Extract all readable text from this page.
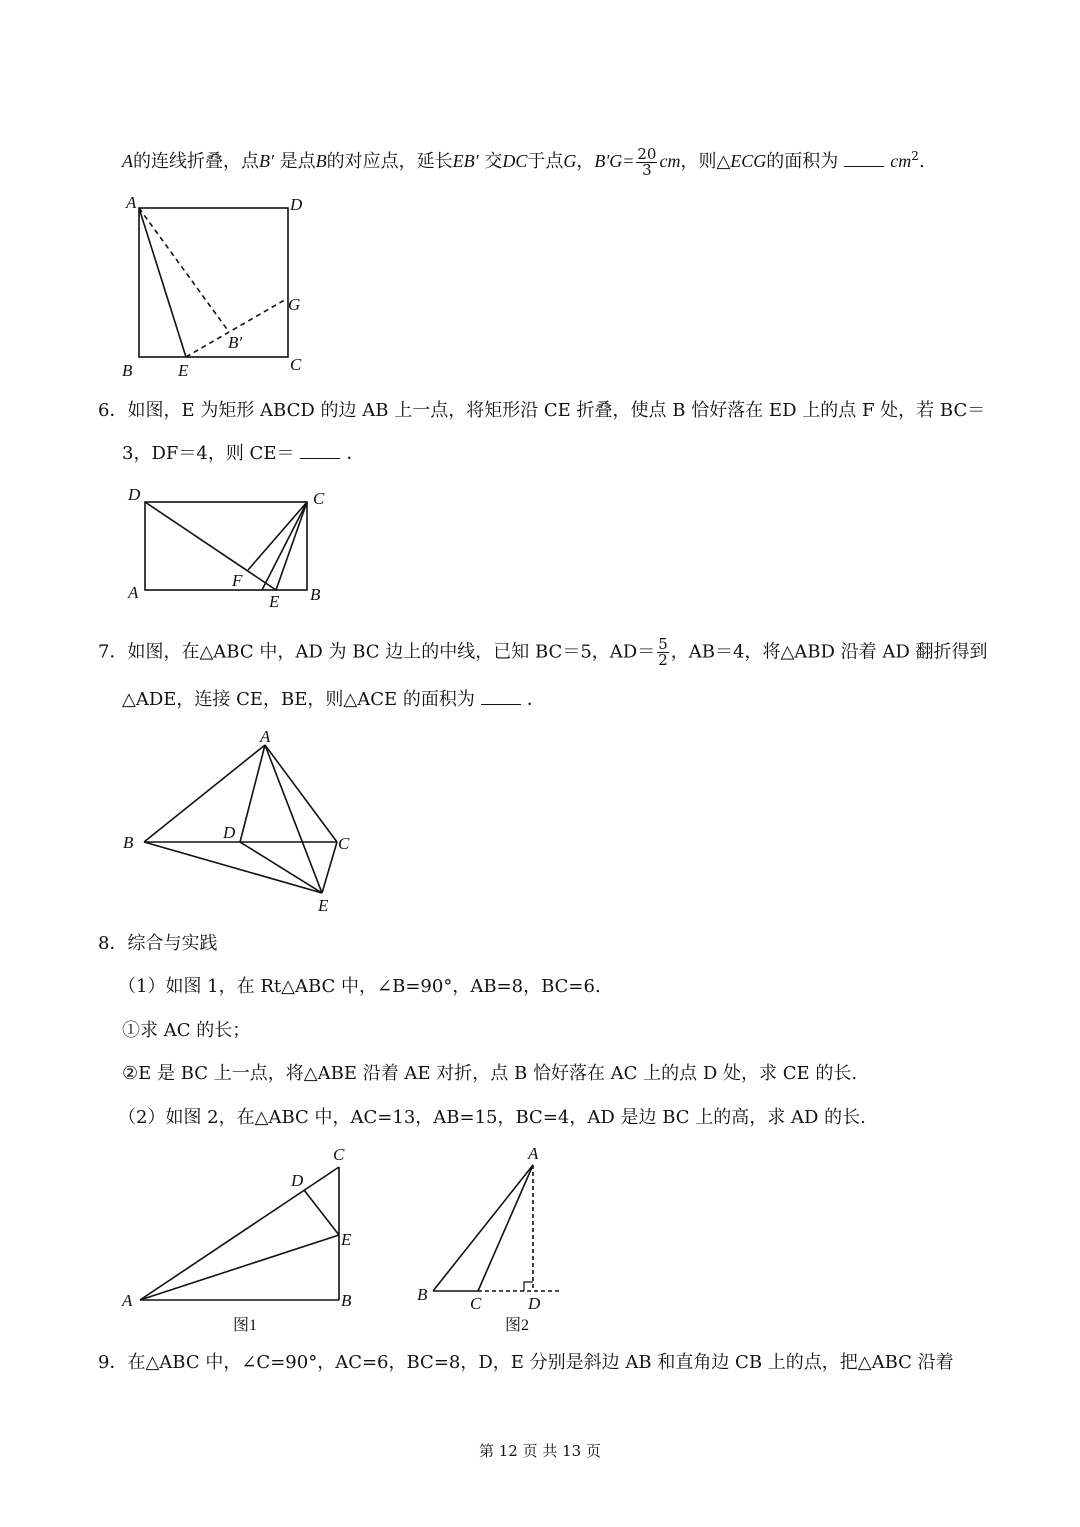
A的连线折叠，点B′ 是点B的对应点，延长EB′ 交DC于点G，$B'G= \frac{20}{3}$ cm，则△ECG的面积为	$cm^2$.
A	D
G
B′
B	E	C
6．如图，E 为矩形 ABCD 的边 AB 上一点，将矩形沿 CE 折叠，使点 B 恰好落在 ED 上的点 F 处，若 BC＝
3，DF＝4，则 CE＝	．
D	C
A
F
E B
7．如图，在△ABC 中，AD 为 BC 边上的中线，已知 BC＝5，$AD= \frac{5}{2}$ ，AB＝4，将△ABD 沿着 AD 翻折得到
△ADE，连接 CE，BE，则△ACE 的面积为	．
A
B
D
C
E
8．综合与实践
（1）如图 1，在 Rt△ABC 中，∠B=90°，AB=8，BC=6.
①求 AC 的长；
②E 是 BC 上一点，将△ABE 沿着 AE 对折，点 B 恰好落在 AC 上的点 D 处，求 CE 的长.
（2）如图 2，在△ABC 中，AC=13，AB=15，BC=4，AD 是边 BC 上的高，求 AD 的长.
C
D
E
A	B
图1
A
B	C	D
图2
9．在△ABC 中，∠C=90°，AC=6，BC=8，D，E 分别是斜边 AB 和直角边 CB 上的点，把△ABC 沿着
第 12 页 共 13 页
